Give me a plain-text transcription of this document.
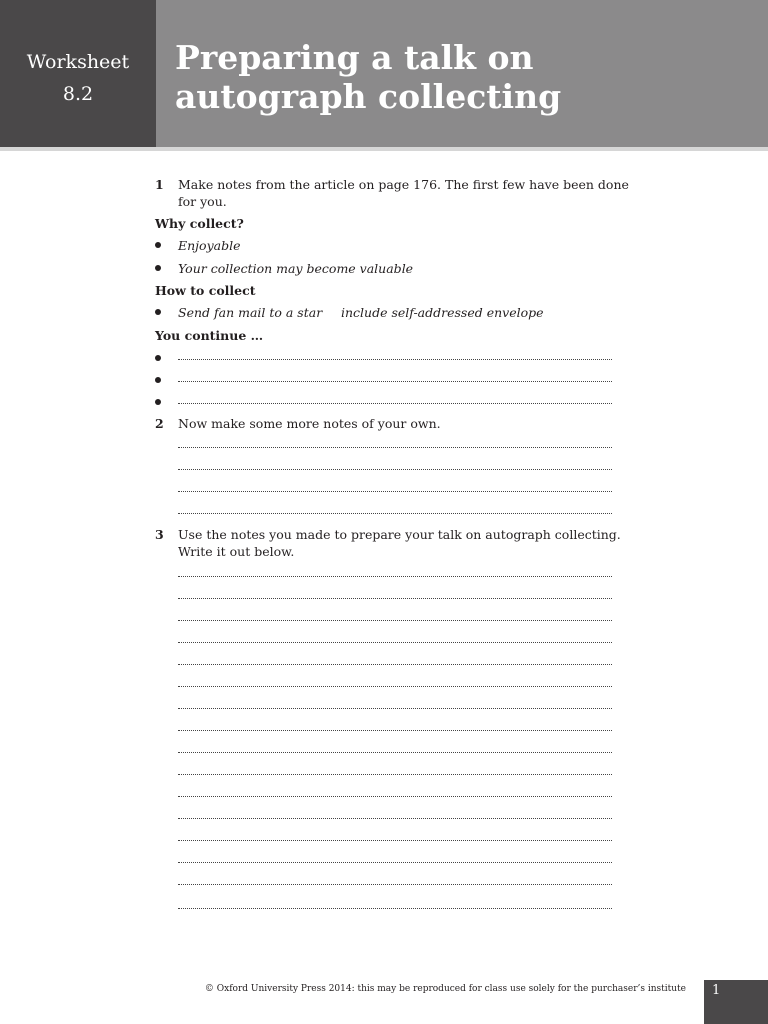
Worksheet
8.2
Preparing a talk on
autograph collecting
1 Make notes from the article on page 176. The first few have been done
for you.
Why collect?
Enjoyable
Your collection may become valuable
How to collect
Send fan mail to a star include self-addressed envelope
You continue …
2 Now make some more notes of your own.
3 Use the notes you made to prepare your talk on autograph collecting.
Write it out below.
© Oxford University Press 2014: this may be reproduced for class use solely for the purchaser’s institute 1
